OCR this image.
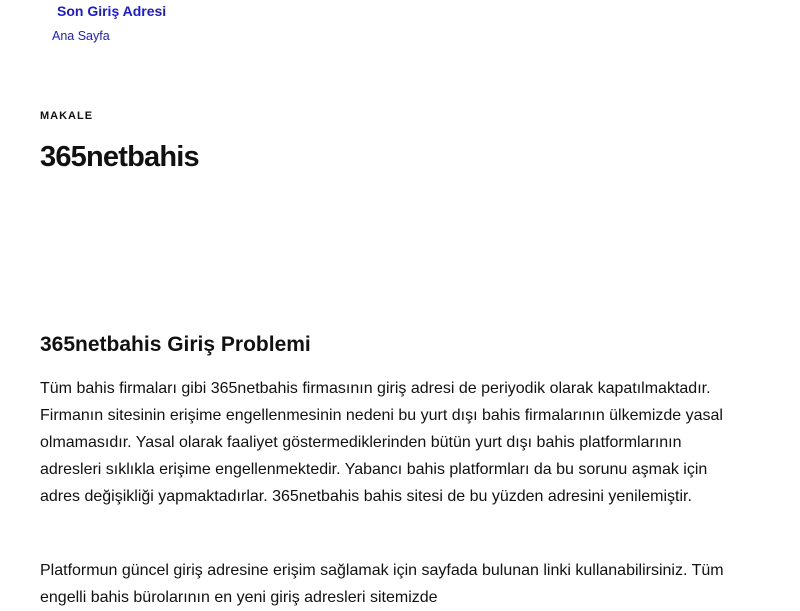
Son Giriş Adresi
Ana Sayfa
MAKALE
365netbahis
365netbahis Giriş Problemi

Tüm bahis firmaları gibi 365netbahis firmasının giriş adresi de periyodik olarak kapatılmaktadır. Firmanın sitesinin erişime engellenmesinin nedeni bu yurt dışı bahis firmalarının ülkemizde yasal olmamasıdır. Yasal olarak faaliyet göstermediklerinden bütün yurt dışı bahis platformlarının adresleri sıklıkla erişime engellenmektedir. Yabancı bahis platformları da bu sorunu aşmak için adres değişikliği yapmaktadırlar. 365netbahis bahis sitesi de bu yüzden adresini yenilemiştir.

Platformun güncel giriş adresine erişim sağlamak için sayfada bulunan linki kullanabilirsiniz. Tüm engelli bahis bürolarının en yeni giriş adresleri sitemizde
